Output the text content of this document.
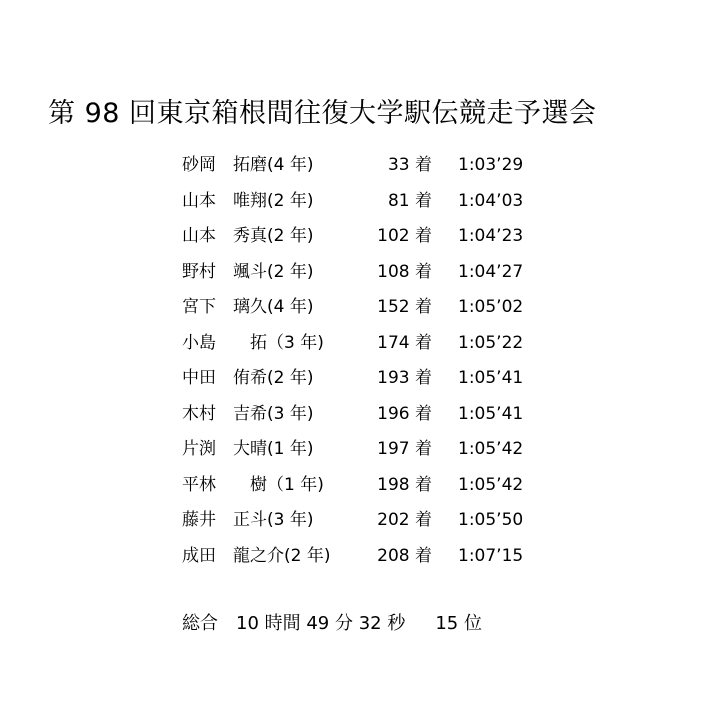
第 98 回東京箱根間往復大学駅伝競走予選会
砂岡　拓磨(4 年)	33 着 1:03’29
山本　唯翔(2 年)	81 着 1:04’03
山本　秀真(2 年)	102 着 1:04’23
野村　颯斗(2 年)	108 着 1:04’27
宮下　璃久(4 年)	152 着 1:05’02
小島　　拓（3 年)	174 着 1:05’22
中田　侑希(2 年)	193 着 1:05’41
木村　吉希(3 年)	196 着 1:05’41
片渕　大晴(1 年)	197 着 1:05’42
平林　　樹（1 年)	198 着 1:05’42
藤井　正斗(3 年)	202 着 1:05’50
成田　龍之介(2 年)	208 着 1:07’15
総合　10 時間 49 分 32 秒 15 位
